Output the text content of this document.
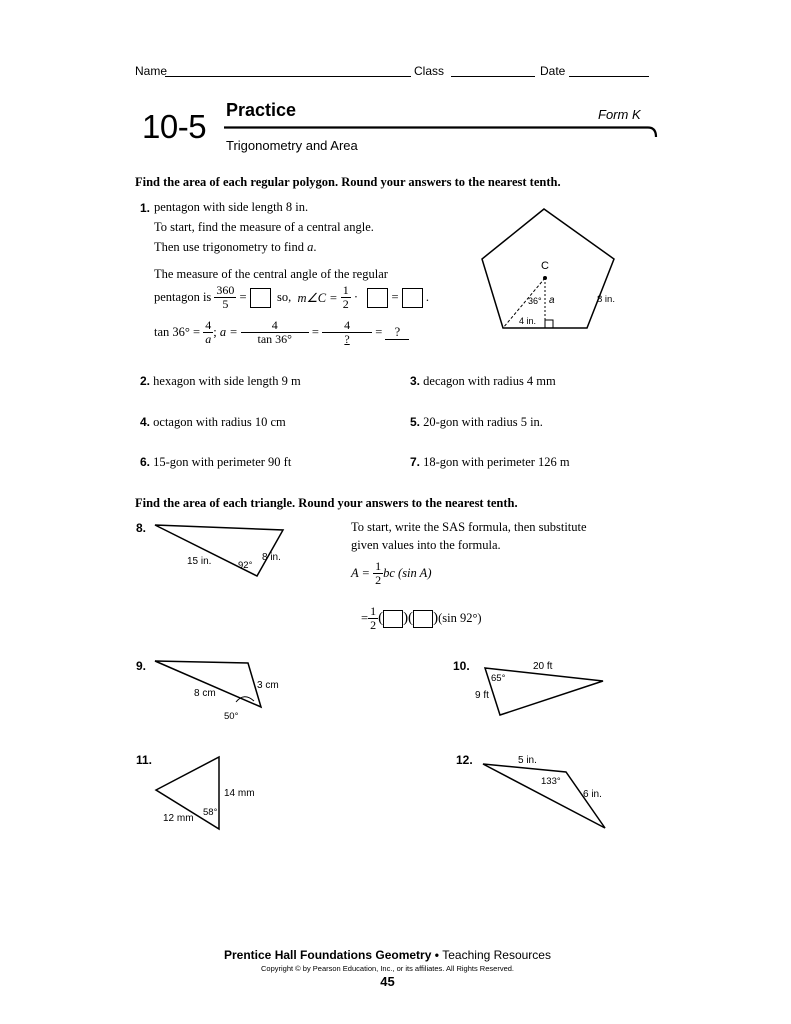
Name	Class	Date
10-5 Practice	Form K
Trigonometry and Area
Find the area of each regular polygon. Round your answers to the nearest tenth.
1. pentagon with side length 8 in.
To start, find the measure of a central angle.
Then use trigonometry to find a.
The measure of the central angle of the regular
pentagon is
$\frac{360}{5}$
=

so,
m∠C =
$\frac{1}{2}$
·

	=

.
tan 36° =
$\frac{4}{a}$ ;
a =
$\frac{4}{\tan 36^\circ}$
=
$\frac{4}{?}$
=
?
C
36° a
4 in.
8 in.
2. hexagon with side length 9 m	3. decagon with radius 4 mm
4. octagon with radius 10 cm	5. 20-gon with radius 5 in.
6. 15-gon with perimeter 90 ft	7. 18-gon with perimeter 126 m
Find the area of each triangle. Round your answers to the nearest tenth.
8.
15 in.	8 in.
92°
To start, write the SAS formula, then substitute
given values into the formula.
A =
$\frac{1}{2}$ bc (sin A)
= $\frac{1}{2}$ ( )( ) (sin 92°)
9.
8 cm
3 cm
50°
10.	20 ft
9 ft
65°
11.
14 mm
12 mm
58°
12.	5 in.
6 in.
133°
Prentice Hall Foundations Geometry • Teaching Resources
Copyright © by Pearson Education, Inc., or its affiliates. All Rights Reserved.
45
